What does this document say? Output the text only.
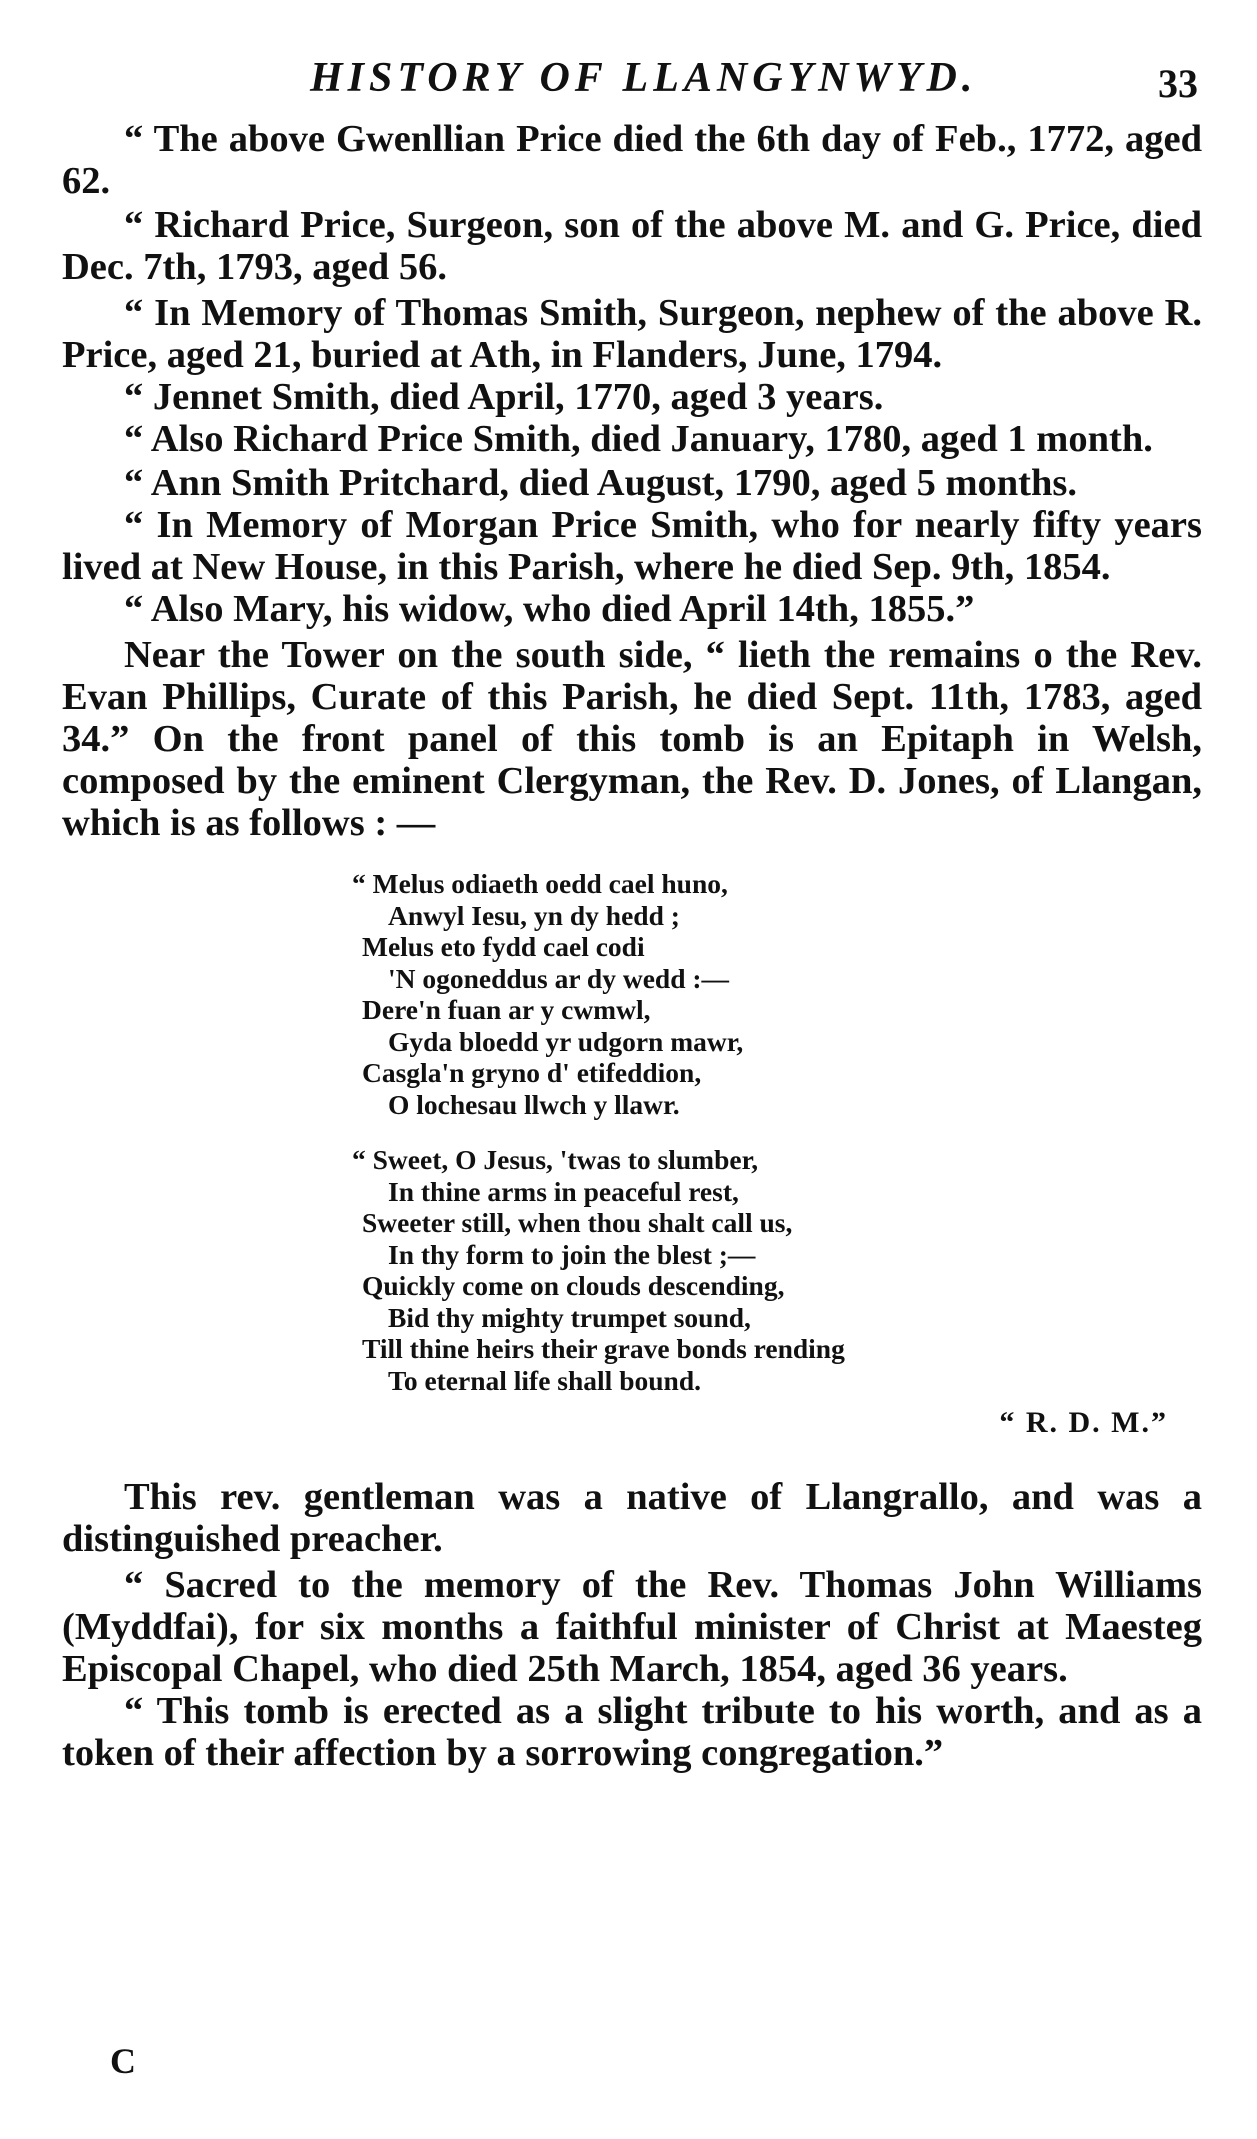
HISTORY OF LLANGYNWYD.	33

“ The above Gwenllian Price died the 6th day of Feb., 1772, aged 62.

“ Richard Price, Surgeon, son of the above M. and G. Price, died Dec. 7th, 1793, aged 56.

“ In Memory of Thomas Smith, Surgeon, nephew of the above R. Price, aged 21, buried at Ath, in Flanders, June, 1794.

“ Jennet Smith, died April, 1770, aged 3 years.

“ Also Richard Price Smith, died January, 1780, aged 1 month.

“ Ann Smith Pritchard, died August, 1790, aged 5 months.

“ In Memory of Morgan Price Smith, who for nearly fifty years lived at New House, in this Parish, where he died Sep. 9th, 1854.

“ Also Mary, his widow, who died April 14th, 1855.”

Near the Tower on the south side, “ lieth the remains o the Rev. Evan Phillips, Curate of this Parish, he died Sept. 11th, 1783, aged 34.” On the front panel of this tomb is an Epitaph in Welsh, composed by the eminent Clergyman, the Rev. D. Jones, of Llangan, which is as follows : —

“ Melus odiaeth oedd cael huno,
Anwyl Iesu, yn dy hedd ;
Melus eto fydd cael codi
'N ogoneddus ar dy wedd :—
Dere'n fuan ar y cwmwl,
Gyda bloedd yr udgorn mawr,
Casgla'n gryno d' etifeddion,
O lochesau llwch y llawr.
“ Sweet, O Jesus, 'twas to slumber,
In thine arms in peaceful rest,
Sweeter still, when thou shalt call us,
In thy form to join the blest ;—
Quickly come on clouds descending,
Bid thy mighty trumpet sound,
Till thine heirs their grave bonds rending
To eternal life shall bound.
“ R. D. M.”

This rev. gentleman was a native of Llangrallo, and was a distinguished preacher.

“ Sacred to the memory of the Rev. Thomas John Williams (Myddfai), for six months a faithful minister of Christ at Maesteg Episcopal Chapel, who died 25th March, 1854, aged 36 years.

“ This tomb is erected as a slight tribute to his worth, and as a token of their affection by a sorrowing congregation.”

C
